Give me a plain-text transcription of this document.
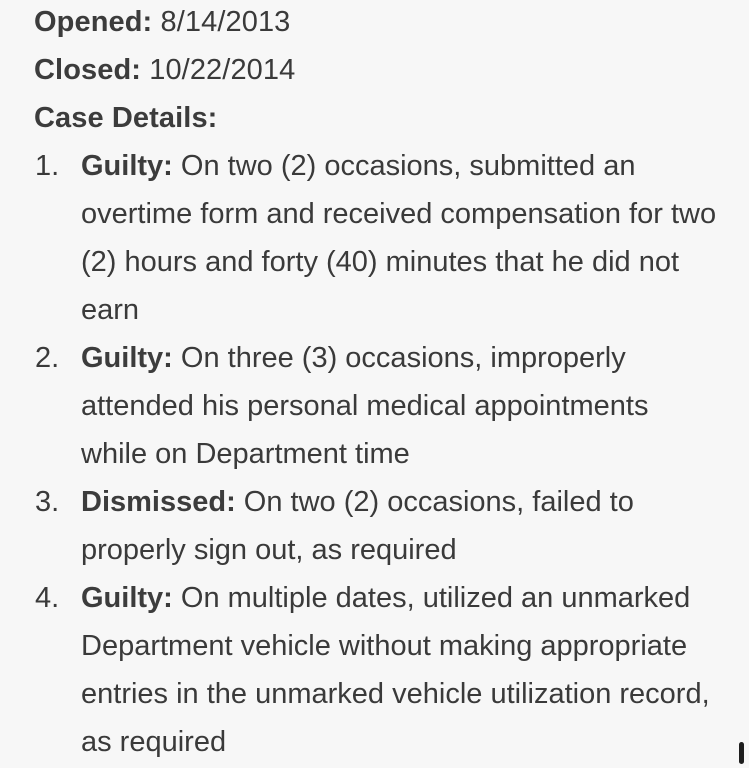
Opened: 8/14/2013
Closed: 10/22/2014
Case Details:
1. Guilty: On two (2) occasions, submitted an overtime form and received compensation for two (2) hours and forty (40) minutes that he did not earn
2. Guilty: On three (3) occasions, improperly attended his personal medical appointments while on Department time
3. Dismissed: On two (2) occasions, failed to properly sign out, as required
4. Guilty: On multiple dates, utilized an unmarked Department vehicle without making appropriate entries in the unmarked vehicle utilization record, as required
